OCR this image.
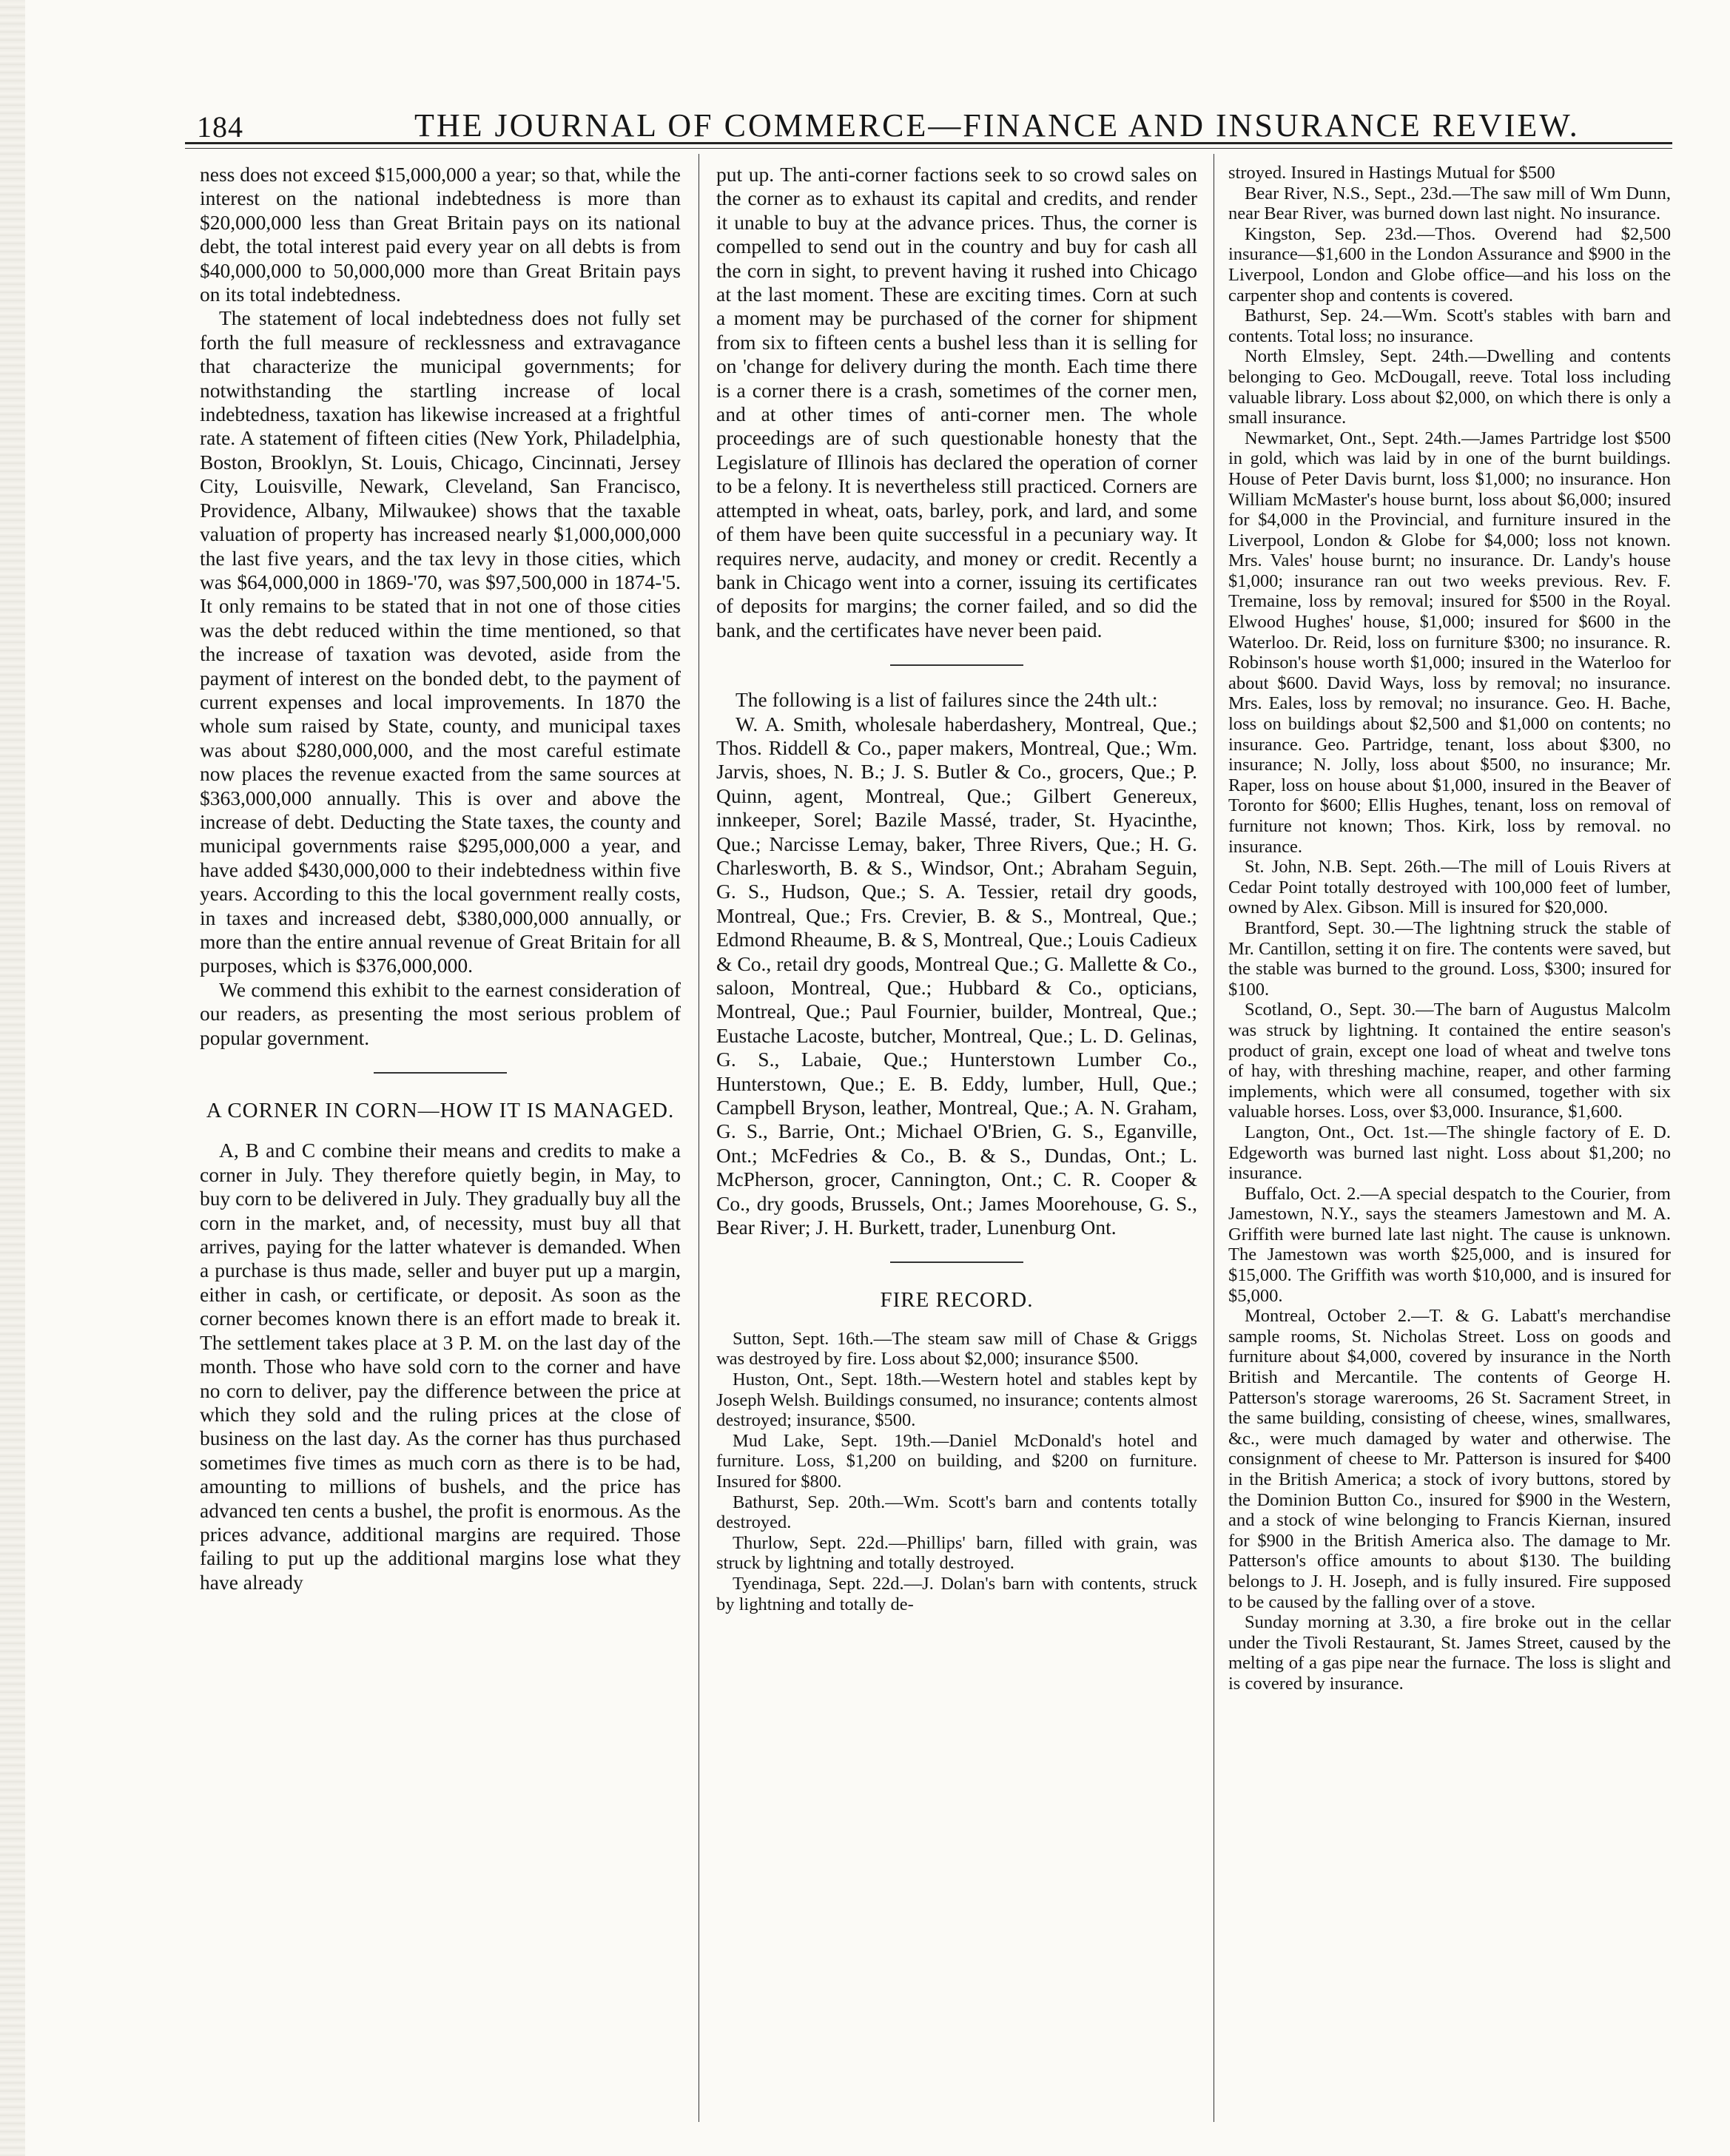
184	THE JOURNAL OF COMMERCE—FINANCE AND INSURANCE REVIEW.

ness does not exceed $15,000,000 a year; so that, while the interest on the national indebtedness is more than $20,000,000 less than Great Britain pays on its national debt, the total interest paid every year on all debts is from $40,000,000 to 50,000,000 more than Great Britain pays on its total indebtedness.

The statement of local indebtedness does not fully set forth the full measure of recklessness and extravagance that characterize the municipal governments; for notwithstanding the startling increase of local indebtedness, taxation has likewise increased at a frightful rate. A statement of fifteen cities (New York, Philadelphia, Boston, Brooklyn, St. Louis, Chicago, Cincinnati, Jersey City, Louisville, Newark, Cleveland, San Francisco, Providence, Albany, Milwaukee) shows that the taxable valuation of property has increased nearly $1,000,000,000 the last five years, and the tax levy in those cities, which was $64,000,000 in 1869-'70, was $97,500,000 in 1874-'5. It only remains to be stated that in not one of those cities was the debt reduced within the time mentioned, so that the increase of taxation was devoted, aside from the payment of interest on the bonded debt, to the payment of current expenses and local improvements. In 1870 the whole sum raised by State, county, and municipal taxes was about $280,000,000, and the most careful estimate now places the revenue exacted from the same sources at $363,000,000 annually. This is over and above the increase of debt. Deducting the State taxes, the county and municipal governments raise $295,000,000 a year, and have added $430,000,000 to their indebtedness within five years. According to this the local government really costs, in taxes and increased debt, $380,000,000 annually, or more than the entire annual revenue of Great Britain for all purposes, which is $376,000,000.

We commend this exhibit to the earnest consideration of our readers, as presenting the most serious problem of popular government.

A CORNER IN CORN—HOW IT IS MANAGED.

A, B and C combine their means and credits to make a corner in July. They therefore quietly begin, in May, to buy corn to be delivered in July. They gradually buy all the corn in the market, and, of necessity, must buy all that arrives, paying for the latter whatever is demanded. When a purchase is thus made, seller and buyer put up a margin, either in cash, or certificate, or deposit. As soon as the corner becomes known there is an effort made to break it. The settlement takes place at 3 P. M. on the last day of the month. Those who have sold corn to the corner and have no corn to deliver, pay the difference between the price at which they sold and the ruling prices at the close of business on the last day. As the corner has thus purchased sometimes five times as much corn as there is to be had, amounting to millions of bushels, and the price has advanced ten cents a bushel, the profit is enormous. As the prices advance, additional margins are required. Those failing to put up the additional margins lose what they have already

put up. The anti-corner factions seek to so crowd sales on the corner as to exhaust its capital and credits, and render it unable to buy at the advance prices. Thus, the corner is compelled to send out in the country and buy for cash all the corn in sight, to prevent having it rushed into Chicago at the last moment. These are exciting times. Corn at such a moment may be purchased of the corner for shipment from six to fifteen cents a bushel less than it is selling for on 'change for delivery during the month. Each time there is a corner there is a crash, sometimes of the corner men, and at other times of anti-corner men. The whole proceedings are of such questionable honesty that the Legislature of Illinois has declared the operation of corner to be a felony. It is nevertheless still practiced. Corners are attempted in wheat, oats, barley, pork, and lard, and some of them have been quite successful in a pecuniary way. It requires nerve, audacity, and money or credit. Recently a bank in Chicago went into a corner, issuing its certificates of deposits for margins; the corner failed, and so did the bank, and the certificates have never been paid.

The following is a list of failures since the 24th ult.:

W. A. Smith, wholesale haberdashery, Montreal, Que.; Thos. Riddell & Co., paper makers, Montreal, Que.; Wm. Jarvis, shoes, N. B.; J. S. Butler & Co., grocers, Que.; P. Quinn, agent, Montreal, Que.; Gilbert Genereux, innkeeper, Sorel; Bazile Massé, trader, St. Hyacinthe, Que.; Narcisse Lemay, baker, Three Rivers, Que.; H. G. Charlesworth, B. & S., Windsor, Ont.; Abraham Seguin, G. S., Hudson, Que.; S. A. Tessier, retail dry goods, Montreal, Que.; Frs. Crevier, B. & S., Montreal, Que.; Edmond Rheaume, B. & S, Montreal, Que.; Louis Cadieux & Co., retail dry goods, Montreal Que.; G. Mallette & Co., saloon, Montreal, Que.; Hubbard & Co., opticians, Montreal, Que.; Paul Fournier, builder, Montreal, Que.; Eustache Lacoste, butcher, Montreal, Que.; L. D. Gelinas, G. S., Labaie, Que.; Hunterstown Lumber Co., Hunterstown, Que.; E. B. Eddy, lumber, Hull, Que.; Campbell Bryson, leather, Montreal, Que.; A. N. Graham, G. S., Barrie, Ont.; Michael O'Brien, G. S., Eganville, Ont.; McFedries & Co., B. & S., Dundas, Ont.; L. McPherson, grocer, Cannington, Ont.; C. R. Cooper & Co., dry goods, Brussels, Ont.; James Moorehouse, G. S., Bear River; J. H. Burkett, trader, Lunenburg Ont.

FIRE RECORD.

Sutton, Sept. 16th.—The steam saw mill of Chase & Griggs was destroyed by fire. Loss about $2,000; insurance $500.

Huston, Ont., Sept. 18th.—Western hotel and stables kept by Joseph Welsh. Buildings consumed, no insurance; contents almost destroyed; insurance, $500.

Mud Lake, Sept. 19th.—Daniel McDonald's hotel and furniture. Loss, $1,200 on building, and $200 on furniture. Insured for $800.

Bathurst, Sep. 20th.—Wm. Scott's barn and contents totally destroyed.

Thurlow, Sept. 22d.—Phillips' barn, filled with grain, was struck by lightning and totally destroyed.

Tyendinaga, Sept. 22d.—J. Dolan's barn with contents, struck by lightning and totally de-

stroyed. Insured in Hastings Mutual for $500

Bear River, N.S., Sept., 23d.—The saw mill of Wm Dunn, near Bear River, was burned down last night. No insurance.

Kingston, Sep. 23d.—Thos. Overend had $2,500 insurance—$1,600 in the London Assurance and $900 in the Liverpool, London and Globe office—and his loss on the carpenter shop and contents is covered.

Bathurst, Sep. 24.—Wm. Scott's stables with barn and contents. Total loss; no insurance.

North Elmsley, Sept. 24th.—Dwelling and contents belonging to Geo. McDougall, reeve. Total loss including valuable library. Loss about $2,000, on which there is only a small insurance.

Newmarket, Ont., Sept. 24th.—James Partridge lost $500 in gold, which was laid by in one of the burnt buildings. House of Peter Davis burnt, loss $1,000; no insurance. Hon William McMaster's house burnt, loss about $6,000; insured for $4,000 in the Provincial, and furniture insured in the Liverpool, London & Globe for $4,000; loss not known. Mrs. Vales' house burnt; no insurance. Dr. Landy's house $1,000; insurance ran out two weeks previous. Rev. F. Tremaine, loss by removal; insured for $500 in the Royal. Elwood Hughes' house, $1,000; insured for $600 in the Waterloo. Dr. Reid, loss on furniture $300; no insurance. R. Robinson's house worth $1,000; insured in the Waterloo for about $600. David Ways, loss by removal; no insurance. Mrs. Eales, loss by removal; no insurance. Geo. H. Bache, loss on buildings about $2,500 and $1,000 on contents; no insurance. Geo. Partridge, tenant, loss about $300, no insurance; N. Jolly, loss about $500, no insurance; Mr. Raper, loss on house about $1,000, insured in the Beaver of Toronto for $600; Ellis Hughes, tenant, loss on removal of furniture not known; Thos. Kirk, loss by removal. no insurance.

St. John, N.B. Sept. 26th.—The mill of Louis Rivers at Cedar Point totally destroyed with 100,000 feet of lumber, owned by Alex. Gibson. Mill is insured for $20,000.

Brantford, Sept. 30.—The lightning struck the stable of Mr. Cantillon, setting it on fire. The contents were saved, but the stable was burned to the ground. Loss, $300; insured for $100.

Scotland, O., Sept. 30.—The barn of Augustus Malcolm was struck by lightning. It contained the entire season's product of grain, except one load of wheat and twelve tons of hay, with threshing machine, reaper, and other farming implements, which were all consumed, together with six valuable horses. Loss, over $3,000. Insurance, $1,600.

Langton, Ont., Oct. 1st.—The shingle factory of E. D. Edgeworth was burned last night. Loss about $1,200; no insurance.

Buffalo, Oct. 2.—A special despatch to the Courier, from Jamestown, N.Y., says the steamers Jamestown and M. A. Griffith were burned late last night. The cause is unknown. The Jamestown was worth $25,000, and is insured for $15,000. The Griffith was worth $10,000, and is insured for $5,000.

Montreal, October 2.—T. & G. Labatt's merchandise sample rooms, St. Nicholas Street. Loss on goods and furniture about $4,000, covered by insurance in the North British and Mercantile. The contents of George H. Patterson's storage warerooms, 26 St. Sacrament Street, in the same building, consisting of cheese, wines, smallwares, &c., were much damaged by water and otherwise. The consignment of cheese to Mr. Patterson is insured for $400 in the British America; a stock of ivory buttons, stored by the Dominion Button Co., insured for $900 in the Western, and a stock of wine belonging to Francis Kiernan, insured for $900 in the British America also. The damage to Mr. Patterson's office amounts to about $130. The building belongs to J. H. Joseph, and is fully insured. Fire supposed to be caused by the falling over of a stove.

Sunday morning at 3.30, a fire broke out in the cellar under the Tivoli Restaurant, St. James Street, caused by the melting of a gas pipe near the furnace. The loss is slight and is covered by insurance.
